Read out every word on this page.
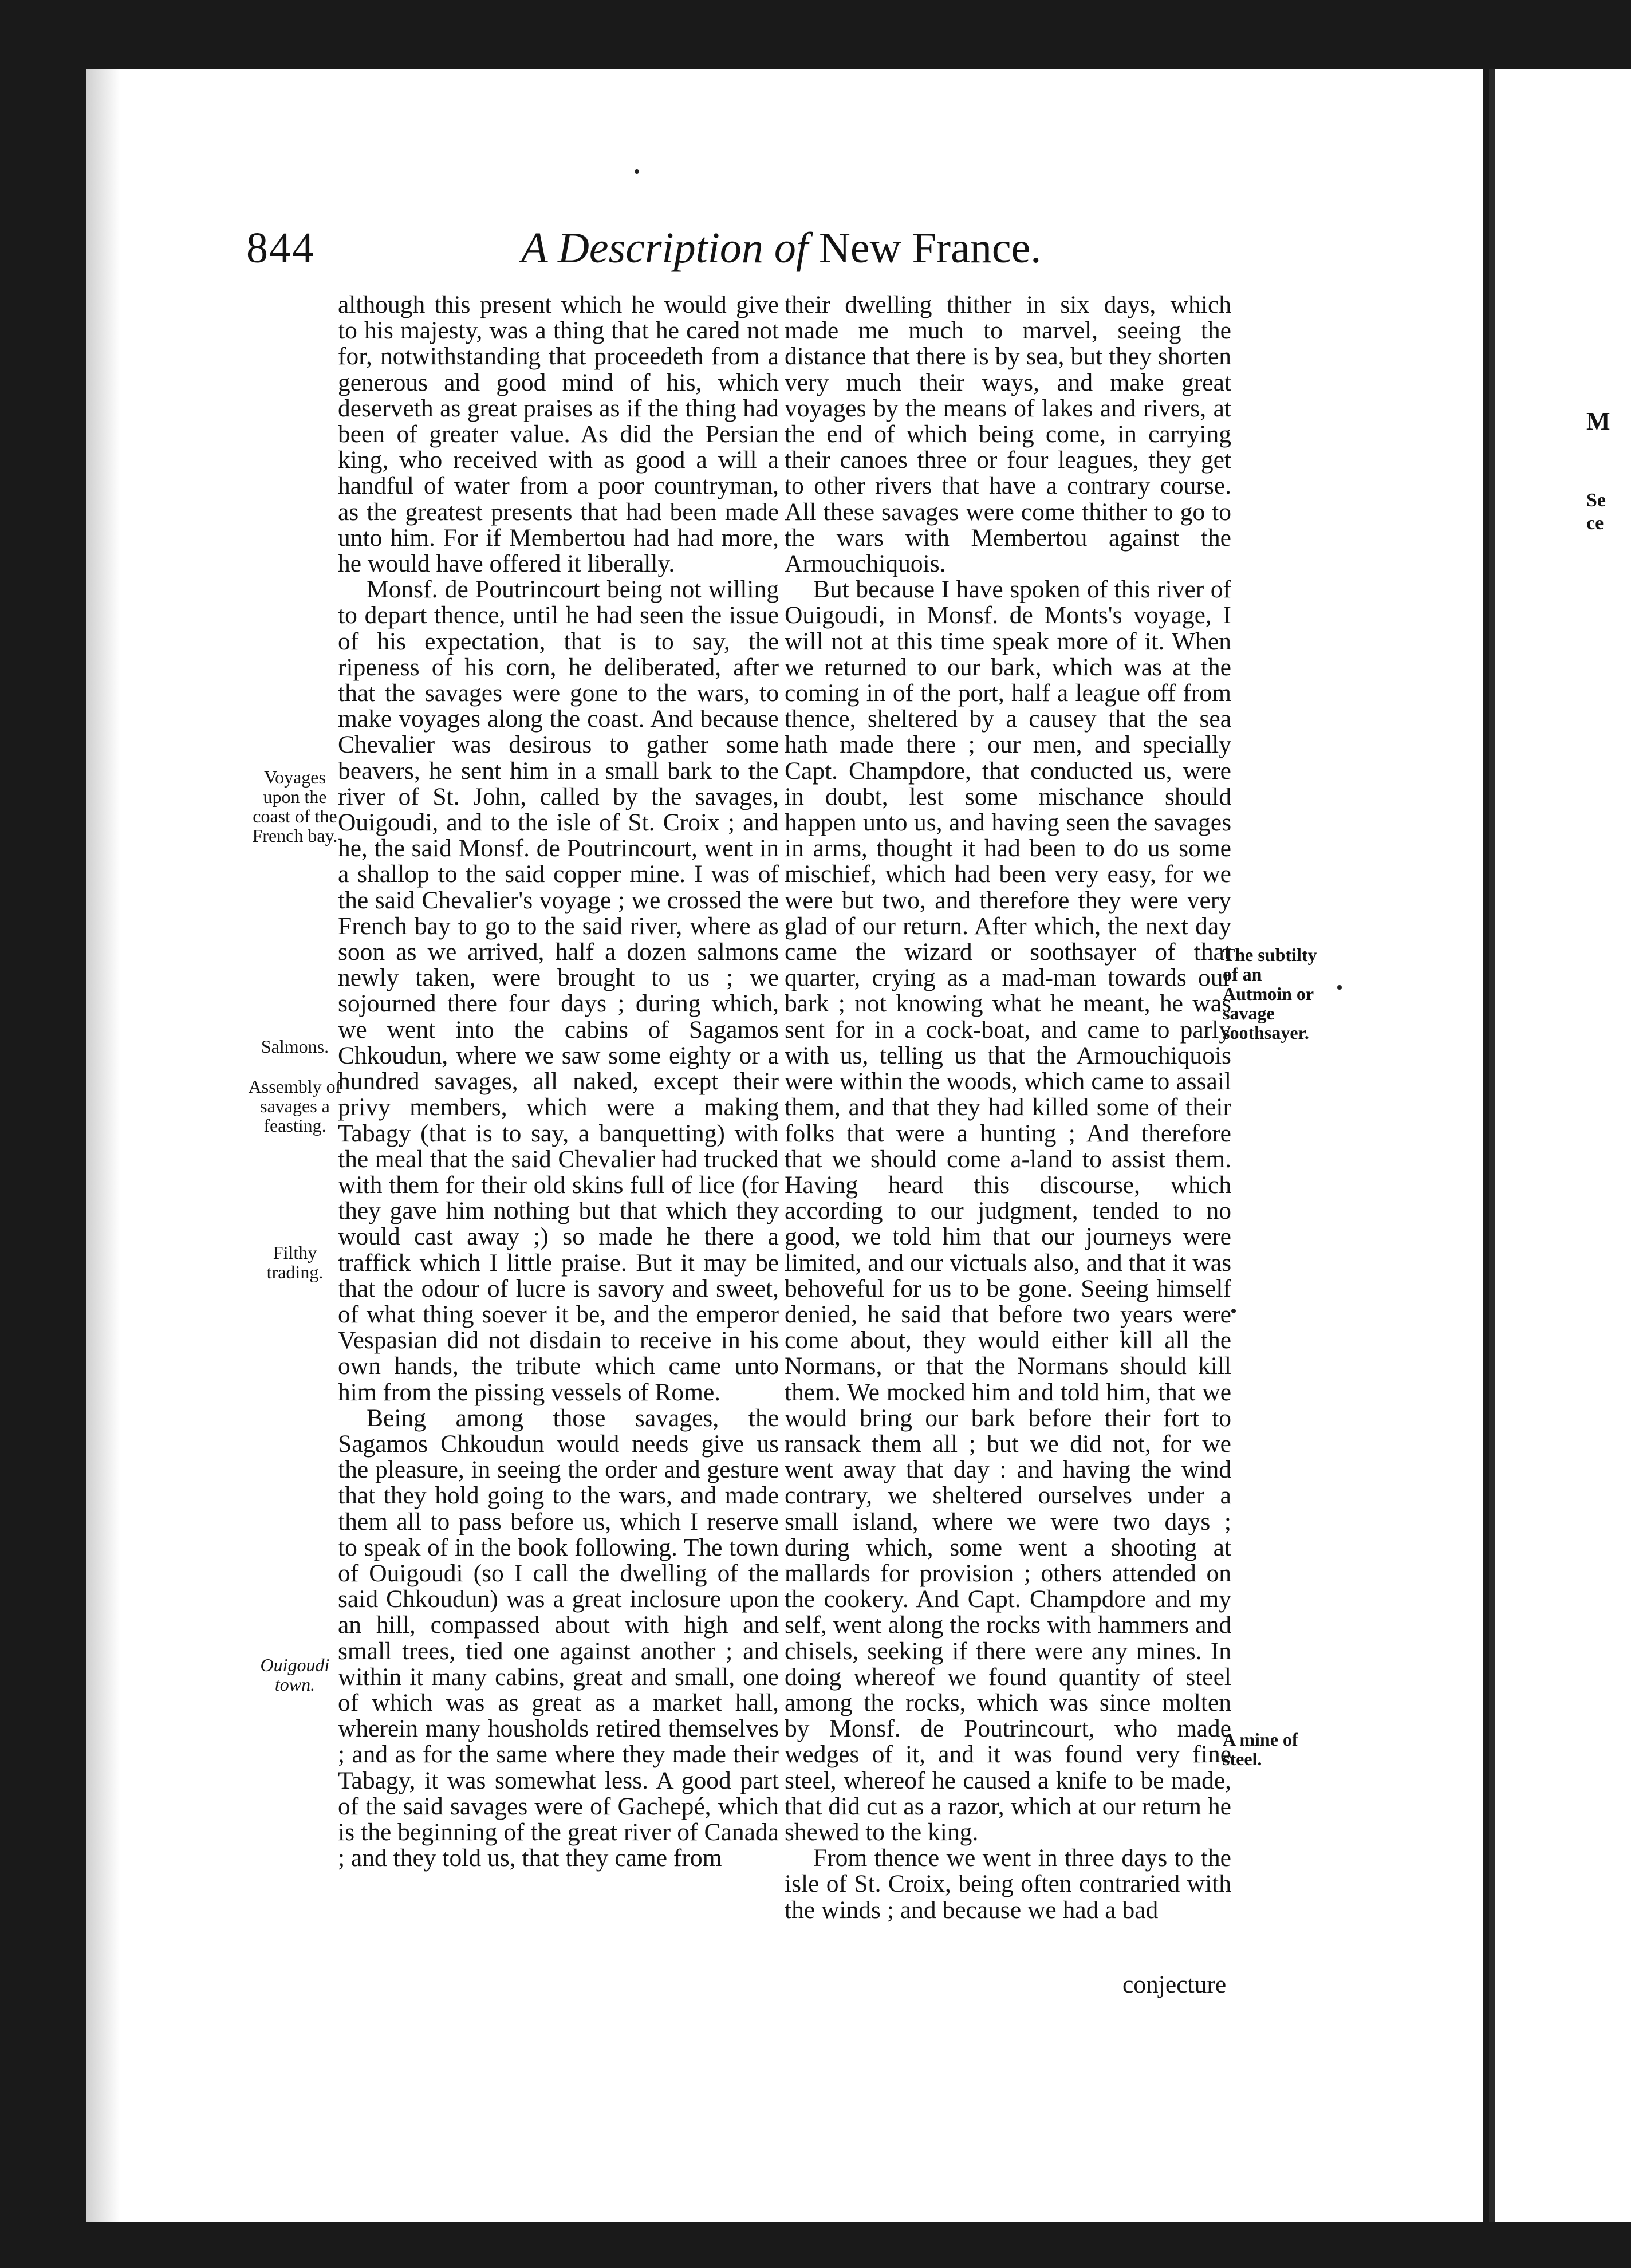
M
Se
ce
844	A Description of New France.

although this present which he would give to his majesty, was a thing that he cared not for, notwithstanding that proceedeth from a generous and good mind of his, which deserveth as great praises as if the thing had been of greater value. As did the Persian king, who received with as good a will a handful of water from a poor countryman, as the greatest presents that had been made unto him. For if Membertou had had more, he would have offered it liberally.

Monsf. de Poutrincourt being not willing to depart thence, until he had seen the issue of his expectation, that is to say, the ripeness of his corn, he deliberated, after that the savages were gone to the wars, to make voyages along the coast. And because Chevalier was desirous to gather some beavers, he sent him in a small bark to the river of St. John, called by the savages, Ouigoudi, and to the isle of St. Croix ; and he, the said Monsf. de Poutrincourt, went in a shallop to the said copper mine. I was of the said Chevalier's voyage ; we crossed the French bay to go to the said river, where as soon as we arrived, half a dozen salmons newly taken, were brought to us ; we sojourned there four days ; during which, we went into the cabins of Sagamos Chkoudun, where we saw some eighty or a hundred savages, all naked, except their privy members, which were a making Tabagy (that is to say, a banquetting) with the meal that the said Chevalier had trucked with them for their old skins full of lice (for they gave him nothing but that which they would cast away ;) so made he there a traffick which I little praise. But it may be that the odour of lucre is savory and sweet, of what thing soever it be, and the emperor Vespasian did not disdain to receive in his own hands, the tribute which came unto him from the pissing vessels of Rome.

Being among those savages, the Sagamos Chkoudun would needs give us the pleasure, in seeing the order and gesture that they hold going to the wars, and made them all to pass before us, which I reserve to speak of in the book following. The town of Ouigoudi (so I call the dwelling of the said Chkoudun) was a great inclosure upon an hill, compassed about with high and small trees, tied one against another ; and within it many cabins, great and small, one of which was as great as a market hall, wherein many housholds retired themselves ; and as for the same where they made their Tabagy, it was somewhat less. A good part of the said savages were of Gachepé, which is the beginning of the great river of Canada ; and they told us, that they came from

their dwelling thither in six days, which made me much to marvel, seeing the distance that there is by sea, but they shorten very much their ways, and make great voyages by the means of lakes and rivers, at the end of which being come, in carrying their canoes three or four leagues, they get to other rivers that have a contrary course. All these savages were come thither to go to the wars with Membertou against the Armouchiquois.

But because I have spoken of this river of Ouigoudi, in Monsf. de Monts's voyage, I will not at this time speak more of it. When we returned to our bark, which was at the coming in of the port, half a league off from thence, sheltered by a causey that the sea hath made there ; our men, and specially Capt. Champdore, that conducted us, were in doubt, lest some mischance should happen unto us, and having seen the savages in arms, thought it had been to do us some mischief, which had been very easy, for we were but two, and therefore they were very glad of our return. After which, the next day came the wizard or soothsayer of that quarter, crying as a mad-man towards our bark ; not knowing what he meant, he was sent for in a cock-boat, and came to parly with us, telling us that the Armouchiquois were within the woods, which came to assail them, and that they had killed some of their folks that were a hunting ; And therefore that we should come a-land to assist them. Having heard this discourse, which according to our judgment, tended to no good, we told him that our journeys were limited, and our victuals also, and that it was behoveful for us to be gone. Seeing himself denied, he said that before two years were come about, they would either kill all the Normans, or that the Normans should kill them. We mocked him and told him, that we would bring our bark before their fort to ransack them all ; but we did not, for we went away that day : and having the wind contrary, we sheltered ourselves under a small island, where we were two days ; during which, some went a shooting at mallards for provision ; others attended on the cookery. And Capt. Champdore and my self, went along the rocks with hammers and chisels, seeking if there were any mines. In doing whereof we found quantity of steel among the rocks, which was since molten by Monsf. de Poutrincourt, who made wedges of it, and it was found very fine steel, whereof he caused a knife to be made, that did cut as a razor, which at our return he shewed to the king.

From thence we went in three days to the isle of St. Croix, being often contraried with the winds ; and because we had a bad

conjecture
Voyages upon the coast of the French bay.
Salmons.
Assembly of savages a feasting.
Filthy trading.
Ouigoudi town.
The subtilty of an Autmoin or savage soothsayer.
A mine of steel.
